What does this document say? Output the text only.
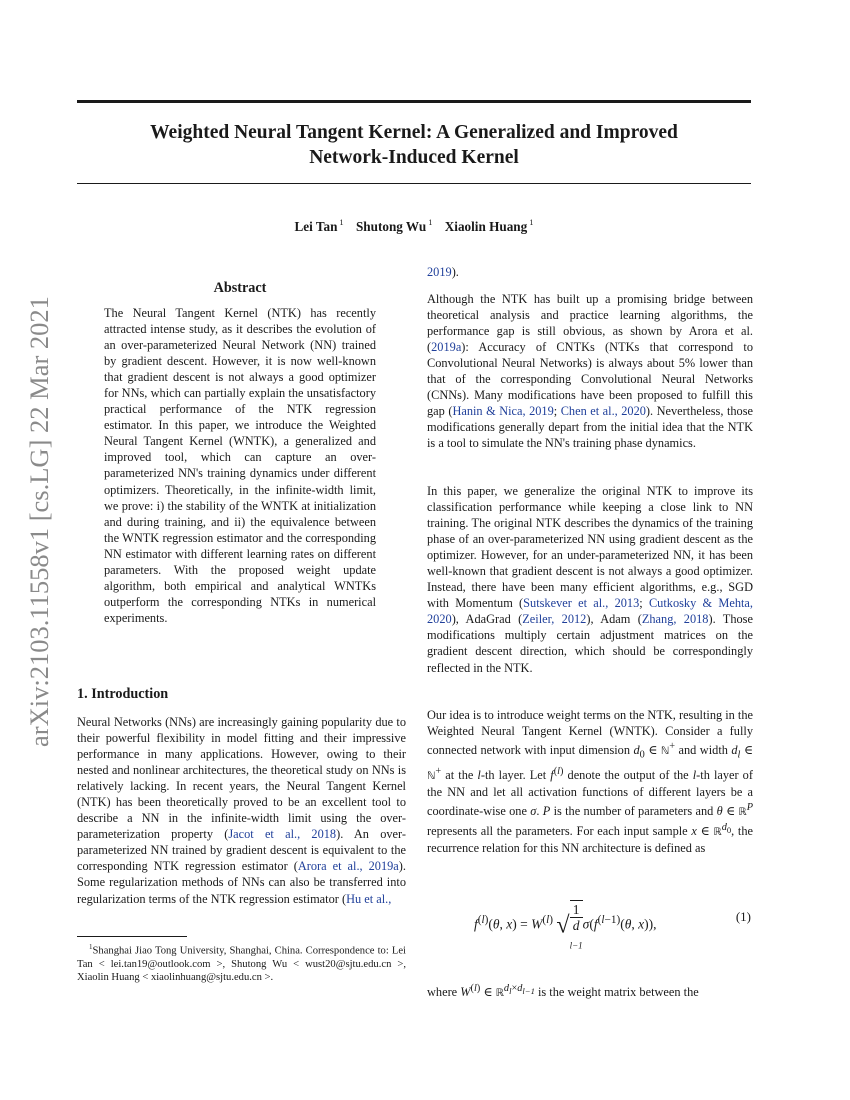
arXiv:2103.11558v1 [cs.LG] 22 Mar 2021
Weighted Neural Tangent Kernel: A Generalized and Improved
Network-Induced Kernel
Lei Tan $^1$ Shutong Wu $^1$ Xiaolin Huang $^1$
Abstract
The Neural Tangent Kernel (NTK) has recently attracted intense study, as it describes the evolution of an over-parameterized Neural Network (NN) trained by gradient descent. However, it is now well-known that gradient descent is not always a good optimizer for NNs, which can partially explain the unsatisfactory practical performance of the NTK regression estimator. In this paper, we introduce the Weighted Neural Tangent Kernel (WNTK), a generalized and improved tool, which can capture an over-parameterized NN's training dynamics under different optimizers. Theoretically, in the infinite-width limit, we prove: i) the stability of the WNTK at initialization and during training, and ii) the equivalence between the WNTK regression estimator and the corresponding NN estimator with different learning rates on different parameters. With the proposed weight update algorithm, both empirical and analytical WNTKs outperform the corresponding NTKs in numerical experiments.
1. Introduction

Neural Networks (NNs) are increasingly gaining popularity due to their powerful flexibility in model fitting and their impressive performance in many applications. However, owing to their nested and nonlinear architectures, the theoretical study on NNs is relatively lacking. In recent years, the Neural Tangent Kernel (NTK) has been theoretically proved to be an excellent tool to describe a NN in the infinite-width limit using the over-parameterization property (Jacot et al., 2018). An over-parameterized NN trained by gradient descent is equivalent to the corresponding NTK regression estimator (Arora et al., 2019a). Some regularization methods of NNs can also be transferred into regularization terms of the NTK regression estimator (Hu et al.,

$^1$Shanghai Jiao Tong University, Shanghai, China. Correspondence to: Lei Tan < lei.tan19@outlook.com >, Shutong Wu < wust20@sjtu.edu.cn >, Xiaolin Huang < xiaolinhuang@sjtu.edu.cn >.

2019).

Although the NTK has built up a promising bridge between theoretical analysis and practice learning algorithms, the performance gap is still obvious, as shown by Arora et al. (2019a): Accuracy of CNTKs (NTKs that correspond to Convolutional Neural Networks) is always about 5% lower than that of the corresponding Convolutional Neural Networks (CNNs). Many modifications have been proposed to fulfill this gap (Hanin & Nica, 2019; Chen et al., 2020). Nevertheless, those modifications generally depart from the initial idea that the NTK is a tool to simulate the NN's training phase dynamics.

In this paper, we generalize the original NTK to improve its classification performance while keeping a close link to NN training. The original NTK describes the dynamics of the training phase of an over-parameterized NN using gradient descent as the optimizer. However, for an under-parameterized NN, it has been well-known that gradient descent is not always a good optimizer. Instead, there have been many efficient algorithms, e.g., SGD with Momentum (Sutskever et al., 2013; Cutkosky & Mehta, 2020), AdaGrad (Zeiler, 2012), Adam (Zhang, 2018). Those modifications multiply certain adjustment matrices on the gradient descent direction, which should be correspondingly reflected in the NTK.

Our idea is to introduce weight terms on the NTK, resulting in the Weighted Neural Tangent Kernel (WNTK). Consider a fully connected network with input dimension $d_0$ ∈ ℕ+ and width $d_l$ ∈ ℕ+ at the l-th layer. Let $f^{(l)}$ denote the output of the l-th layer of the NN and let all activation functions of different layers be a coordinate-wise one σ. P is the number of parameters and θ ∈ ℝ$^P$ represents all the parameters. For each input sample x ∈ ℝ$^{d_0}$, the recurrence relation for this NN architecture is defined as

$f^{(l)}(\theta$, $x) = W^{(l)}$ √
1
d
$_{l-1}\sigma(f^{(l-1)}(\theta$, x)),	(1)

where $W^{(l)}$ ∈ ℝ$^{d_l\times d_{l-1}}$ is the weight matrix between the
